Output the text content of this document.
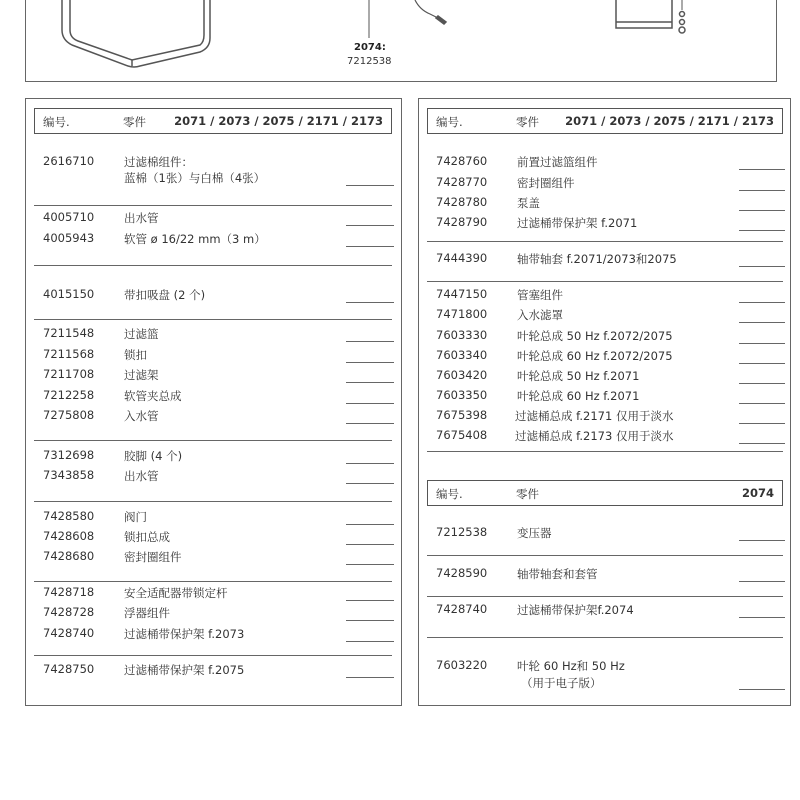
2074:
7212538
编号.	零件 2071 / 2073 / 2075 / 2171 / 2173
2616710	过滤棉组件：
蓝棉（1张）与白棉（4张）
4005710	出水管
4005943	软管 ø 16/22 mm（3 m）
4015150	带扣吸盘 (2 个)
7211548	过滤篮
7211568	锁扣
7211708	过滤架
7212258	软管夹总成
7275808	入水管
7312698	胶脚 (4 个)
7343858	出水管
7428580	阀门
7428608	锁扣总成
7428680	密封圈组件
7428718	安全适配器带锁定杆
7428728	浮器组件
7428740	过滤桶带保护架 f.2073
7428750	过滤桶带保护架 f.2075
编号.	零件 2071 / 2073 / 2075 / 2171 / 2173
7428760	前置过滤篮组件
7428770	密封圈组件
7428780	泵盖
7428790	过滤桶带保护架 f.2071
7444390	轴带轴套 f.2071/2073和2075
7447150	管塞组件
7471800	入水滤罩
7603330	叶轮总成 50 Hz f.2072/2075
7603340	叶轮总成 60 Hz f.2072/2075
7603420	叶轮总成 50 Hz f.2071
7603350	叶轮总成 60 Hz f.2071
7675398 过滤桶总成 f.2171 仅用于淡水
7675408 过滤桶总成 f.2173 仅用于淡水
编号.	零件	2074
7212538	变压器
7428590	轴带轴套和套管
7428740	过滤桶带保护架f.2074
7603220	叶轮 60 Hz和 50 Hz
（用于电子版）
